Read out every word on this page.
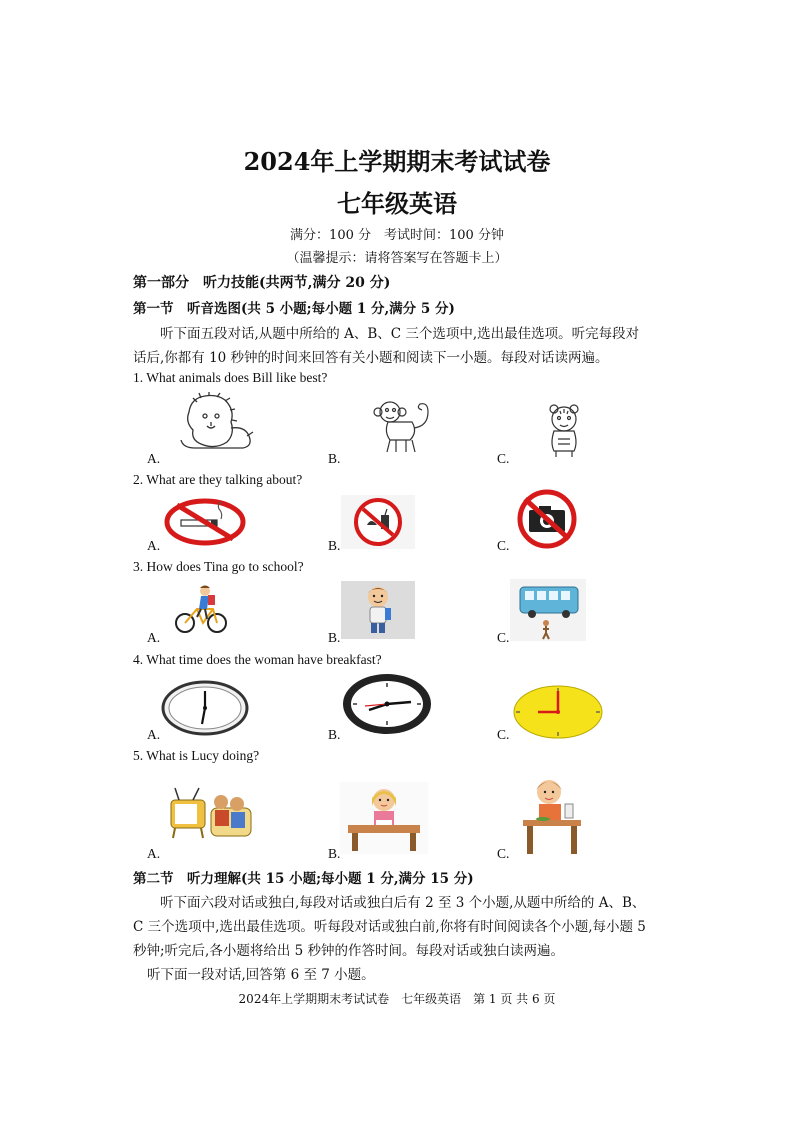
2024年上学期期末考试试卷
七年级英语
满分：100 分　考试时间：100 分钟
（温馨提示：请将答案写在答题卡上）
第一部分　听力技能(共两节,满分 20 分)
第一节　听音选图(共 5 小题;每小题 1 分,满分 5 分)
听下面五段对话,从题中所给的 A、B、C 三个选项中,选出最佳选项。听完每段对
话后,你都有 10 秒钟的时间来回答有关小题和阅读下一小题。每段对话读两遍。
1. What animals does Bill like best?
A.	B.	C.
2. What are they talking about?
A.	B.	C.
3. How does Tina go to school?
A.	B.	C.
4. What time does the woman have breakfast?
A.	B.	C.
5. What is Lucy doing?
A.	B.	C.
第二节　听力理解(共 15 小题;每小题 1 分,满分 15 分)
听下面六段对话或独白,每段对话或独白后有 2 至 3 个小题,从题中所给的 A、B、
C 三个选项中,选出最佳选项。听每段对话或独白前,你将有时间阅读各个小题,每小题 5
秒钟;听完后,各小题将给出 5 秒钟的作答时间。每段对话或独白读两遍。
听下面一段对话,回答第 6 至 7 小题。
2024年上学期期末考试试卷　七年级英语　第 1 页 共 6 页
